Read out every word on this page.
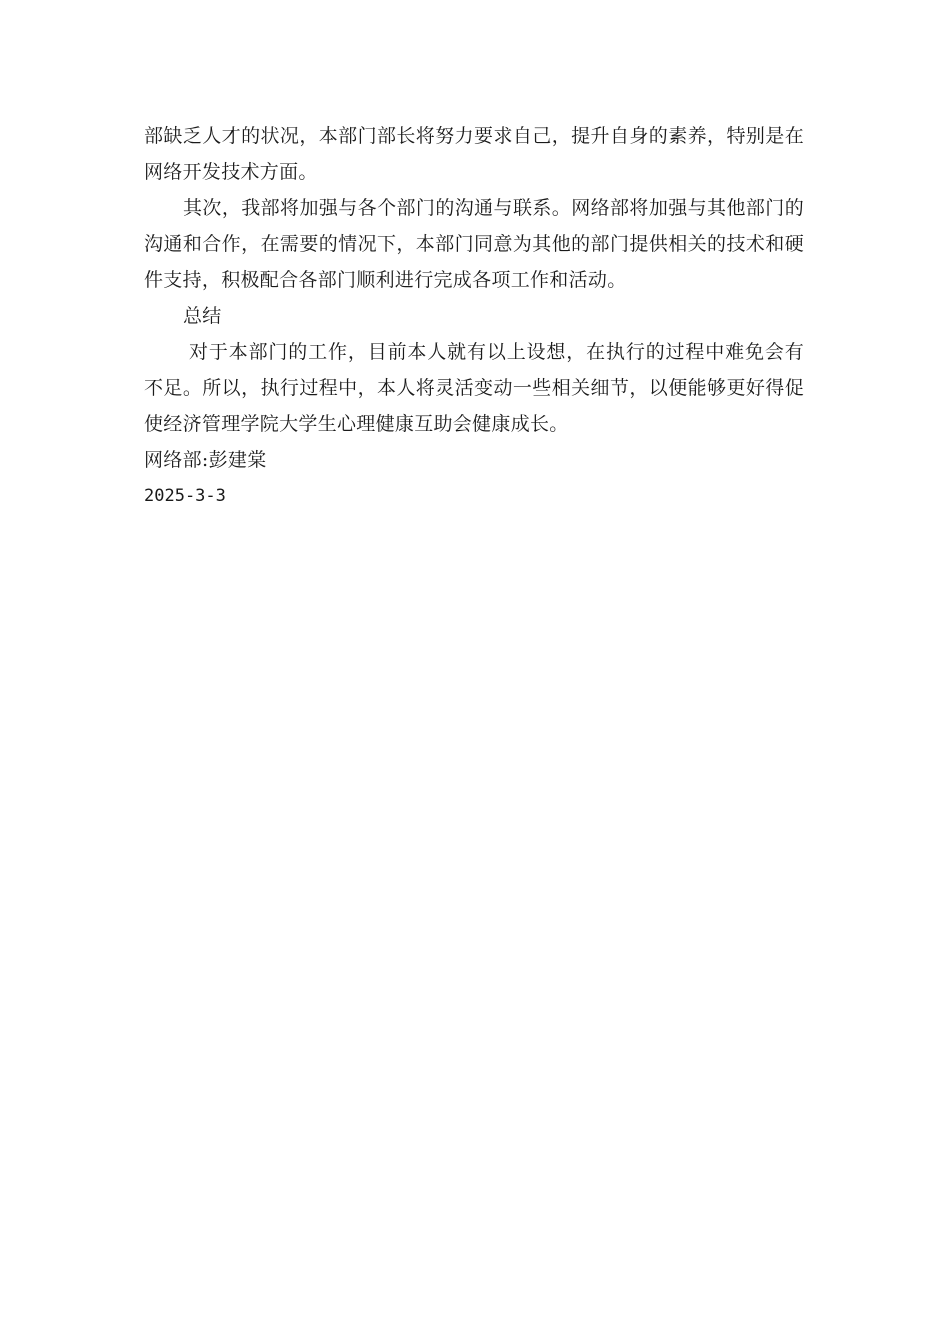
部缺乏人才的状况，本部门部长将努力要求自己，提升自身的素养，特别是在网络开发技术方面。

其次，我部将加强与各个部门的沟通与联系。网络部将加强与其他部门的沟通和合作，在需要的情况下，本部门同意为其他的部门提供相关的技术和硬件支持，积极配合各部门顺利进行完成各项工作和活动。

总结

对于本部门的工作，目前本人就有以上设想，在执行的过程中难免会有不足。所以，执行过程中，本人将灵活变动一些相关细节，以便能够更好得促使经济管理学院大学生心理健康互助会健康成长。

网络部:彭建棠

2025-3-3
